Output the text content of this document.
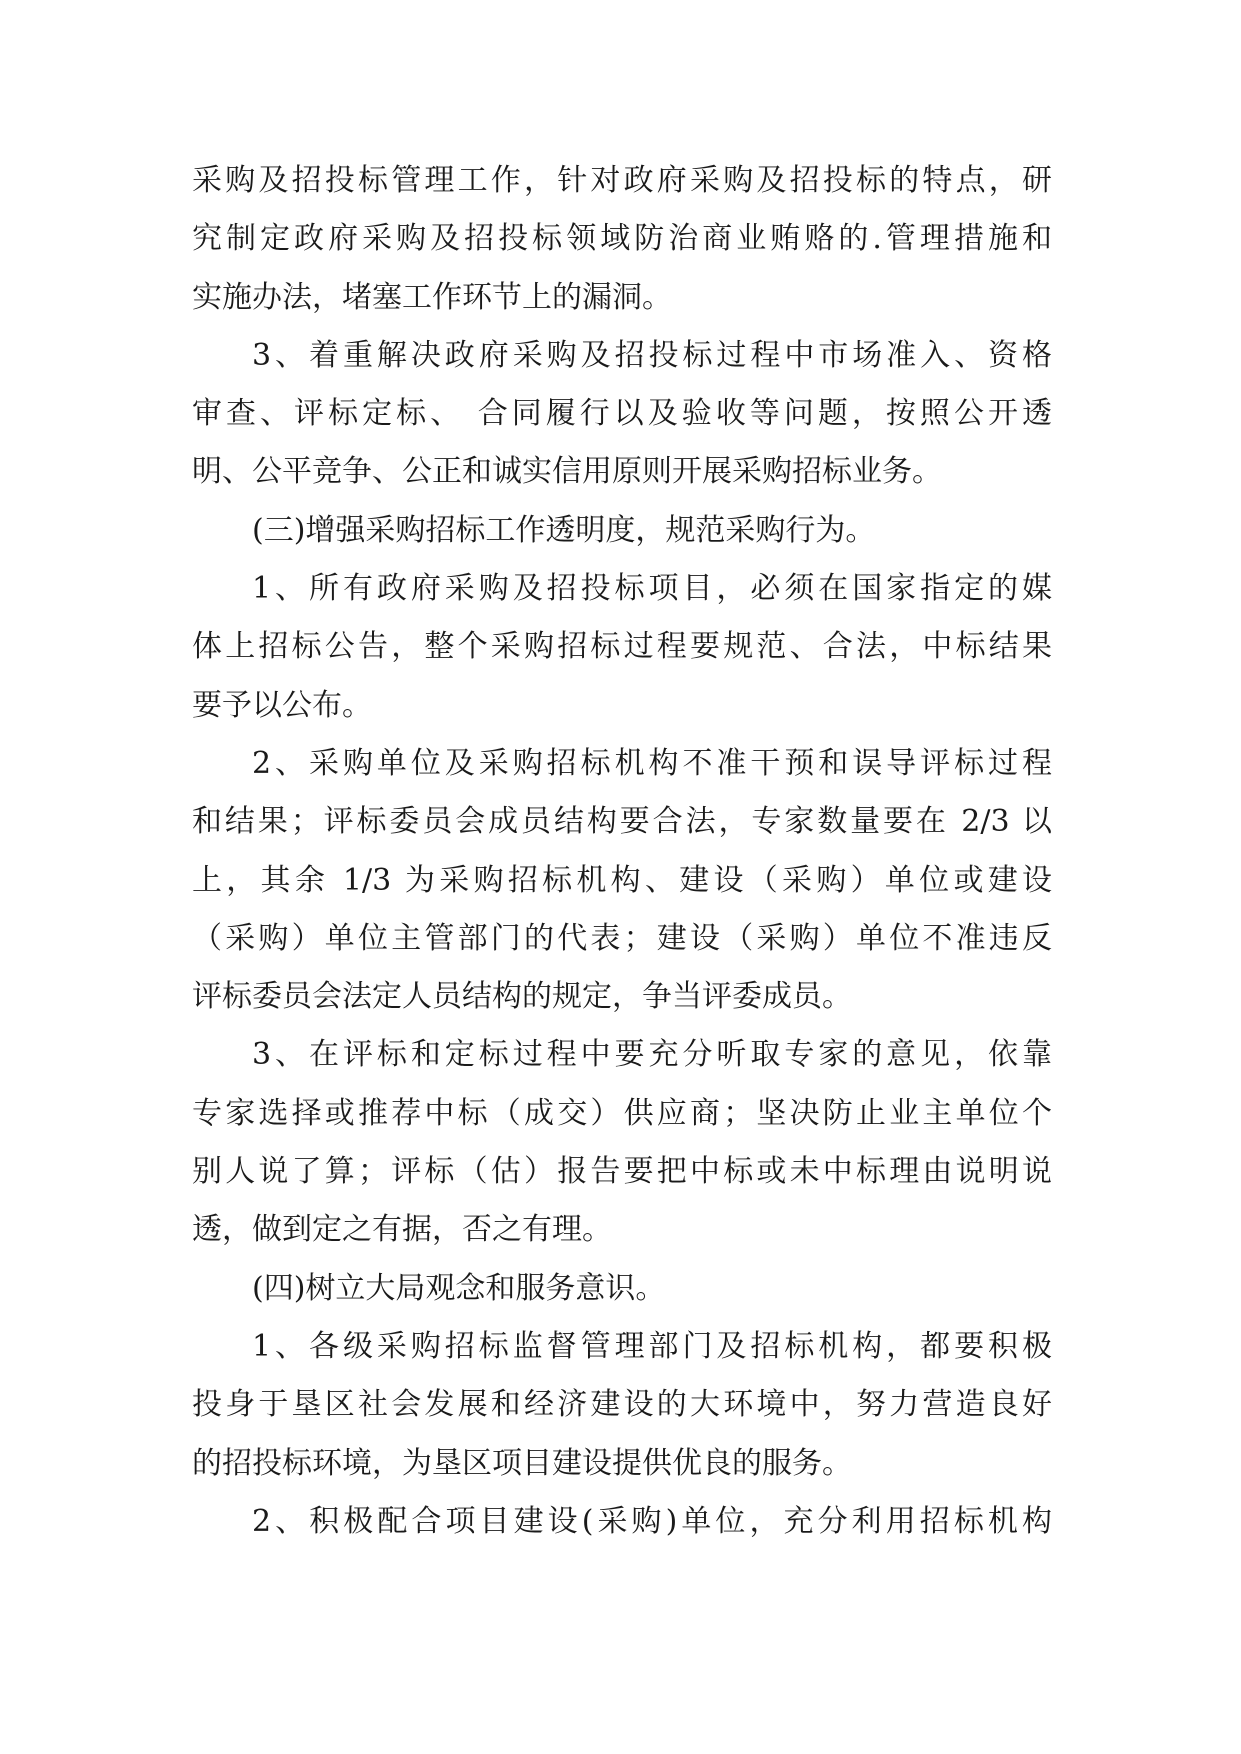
采购及招投标管理工作，针对政府采购及招投标的特点，研
究制定政府采购及招投标领域防治商业贿赂的.管理措施和
实施办法，堵塞工作环节上的漏洞。
3、着重解决政府采购及招投标过程中市场准入、资格
审查、评标定标、 合同履行以及验收等问题，按照公开透
明、公平竞争、公正和诚实信用原则开展采购招标业务。
(三)增强采购招标工作透明度，规范采购行为。
1、所有政府采购及招投标项目，必须在国家指定的媒
体上招标公告，整个采购招标过程要规范、合法，中标结果
要予以公布。
2、采购单位及采购招标机构不准干预和误导评标过程
和结果；评标委员会成员结构要合法，专家数量要在 2/3 以
上，其余 1/3 为采购招标机构、建设（采购）单位或建设
（采购）单位主管部门的代表；建设（采购）单位不准违反
评标委员会法定人员结构的规定，争当评委成员。
3、在评标和定标过程中要充分听取专家的意见，依靠
专家选择或推荐中标（成交）供应商；坚决防止业主单位个
别人说了算；评标（估）报告要把中标或未中标理由说明说
透，做到定之有据，否之有理。
(四)树立大局观念和服务意识。
1、各级采购招标监督管理部门及招标机构，都要积极
投身于垦区社会发展和经济建设的大环境中，努力营造良好
的招投标环境，为垦区项目建设提供优良的服务。
2、积极配合项目建设(采购)单位，充分利用招标机构
